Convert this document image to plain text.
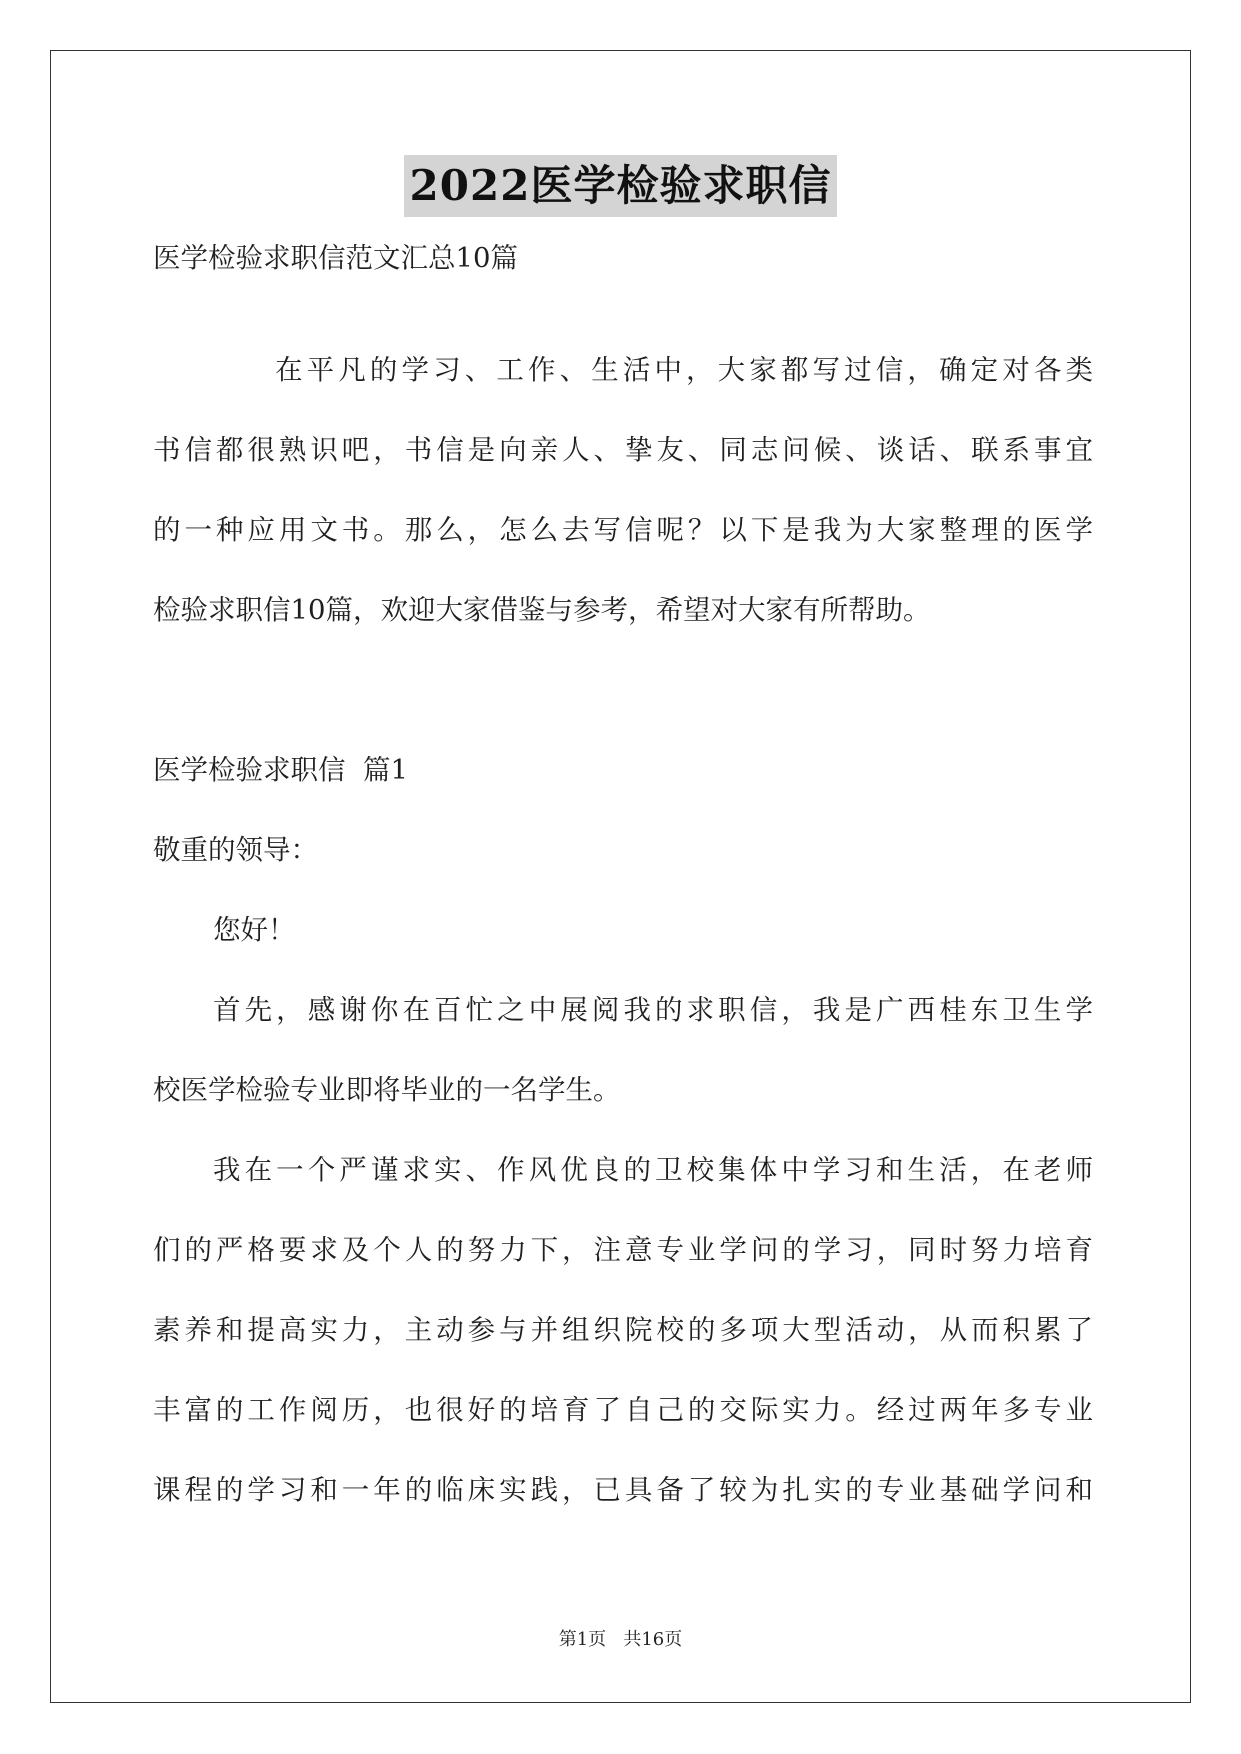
2022医学检验求职信
医学检验求职信范文汇总10篇
在平凡的学习、工作、生活中，大家都写过信，确定对各类
书信都很熟识吧，书信是向亲人、挚友、同志问候、谈话、联系事宜
的一种应用文书。那么，怎么去写信呢？以下是我为大家整理的医学
检验求职信10篇，欢迎大家借鉴与参考，希望对大家有所帮助。
医学检验求职信  篇1
敬重的领导：
您好！
首先，感谢你在百忙之中展阅我的求职信，我是广西桂东卫生学
校医学检验专业即将毕业的一名学生。
我在一个严谨求实、作风优良的卫校集体中学习和生活，在老师
们的严格要求及个人的努力下，注意专业学问的学习，同时努力培育
素养和提高实力，主动参与并组织院校的多项大型活动，从而积累了
丰富的工作阅历，也很好的培育了自己的交际实力。经过两年多专业
课程的学习和一年的临床实践，已具备了较为扎实的专业基础学问和
第1页 共16页
